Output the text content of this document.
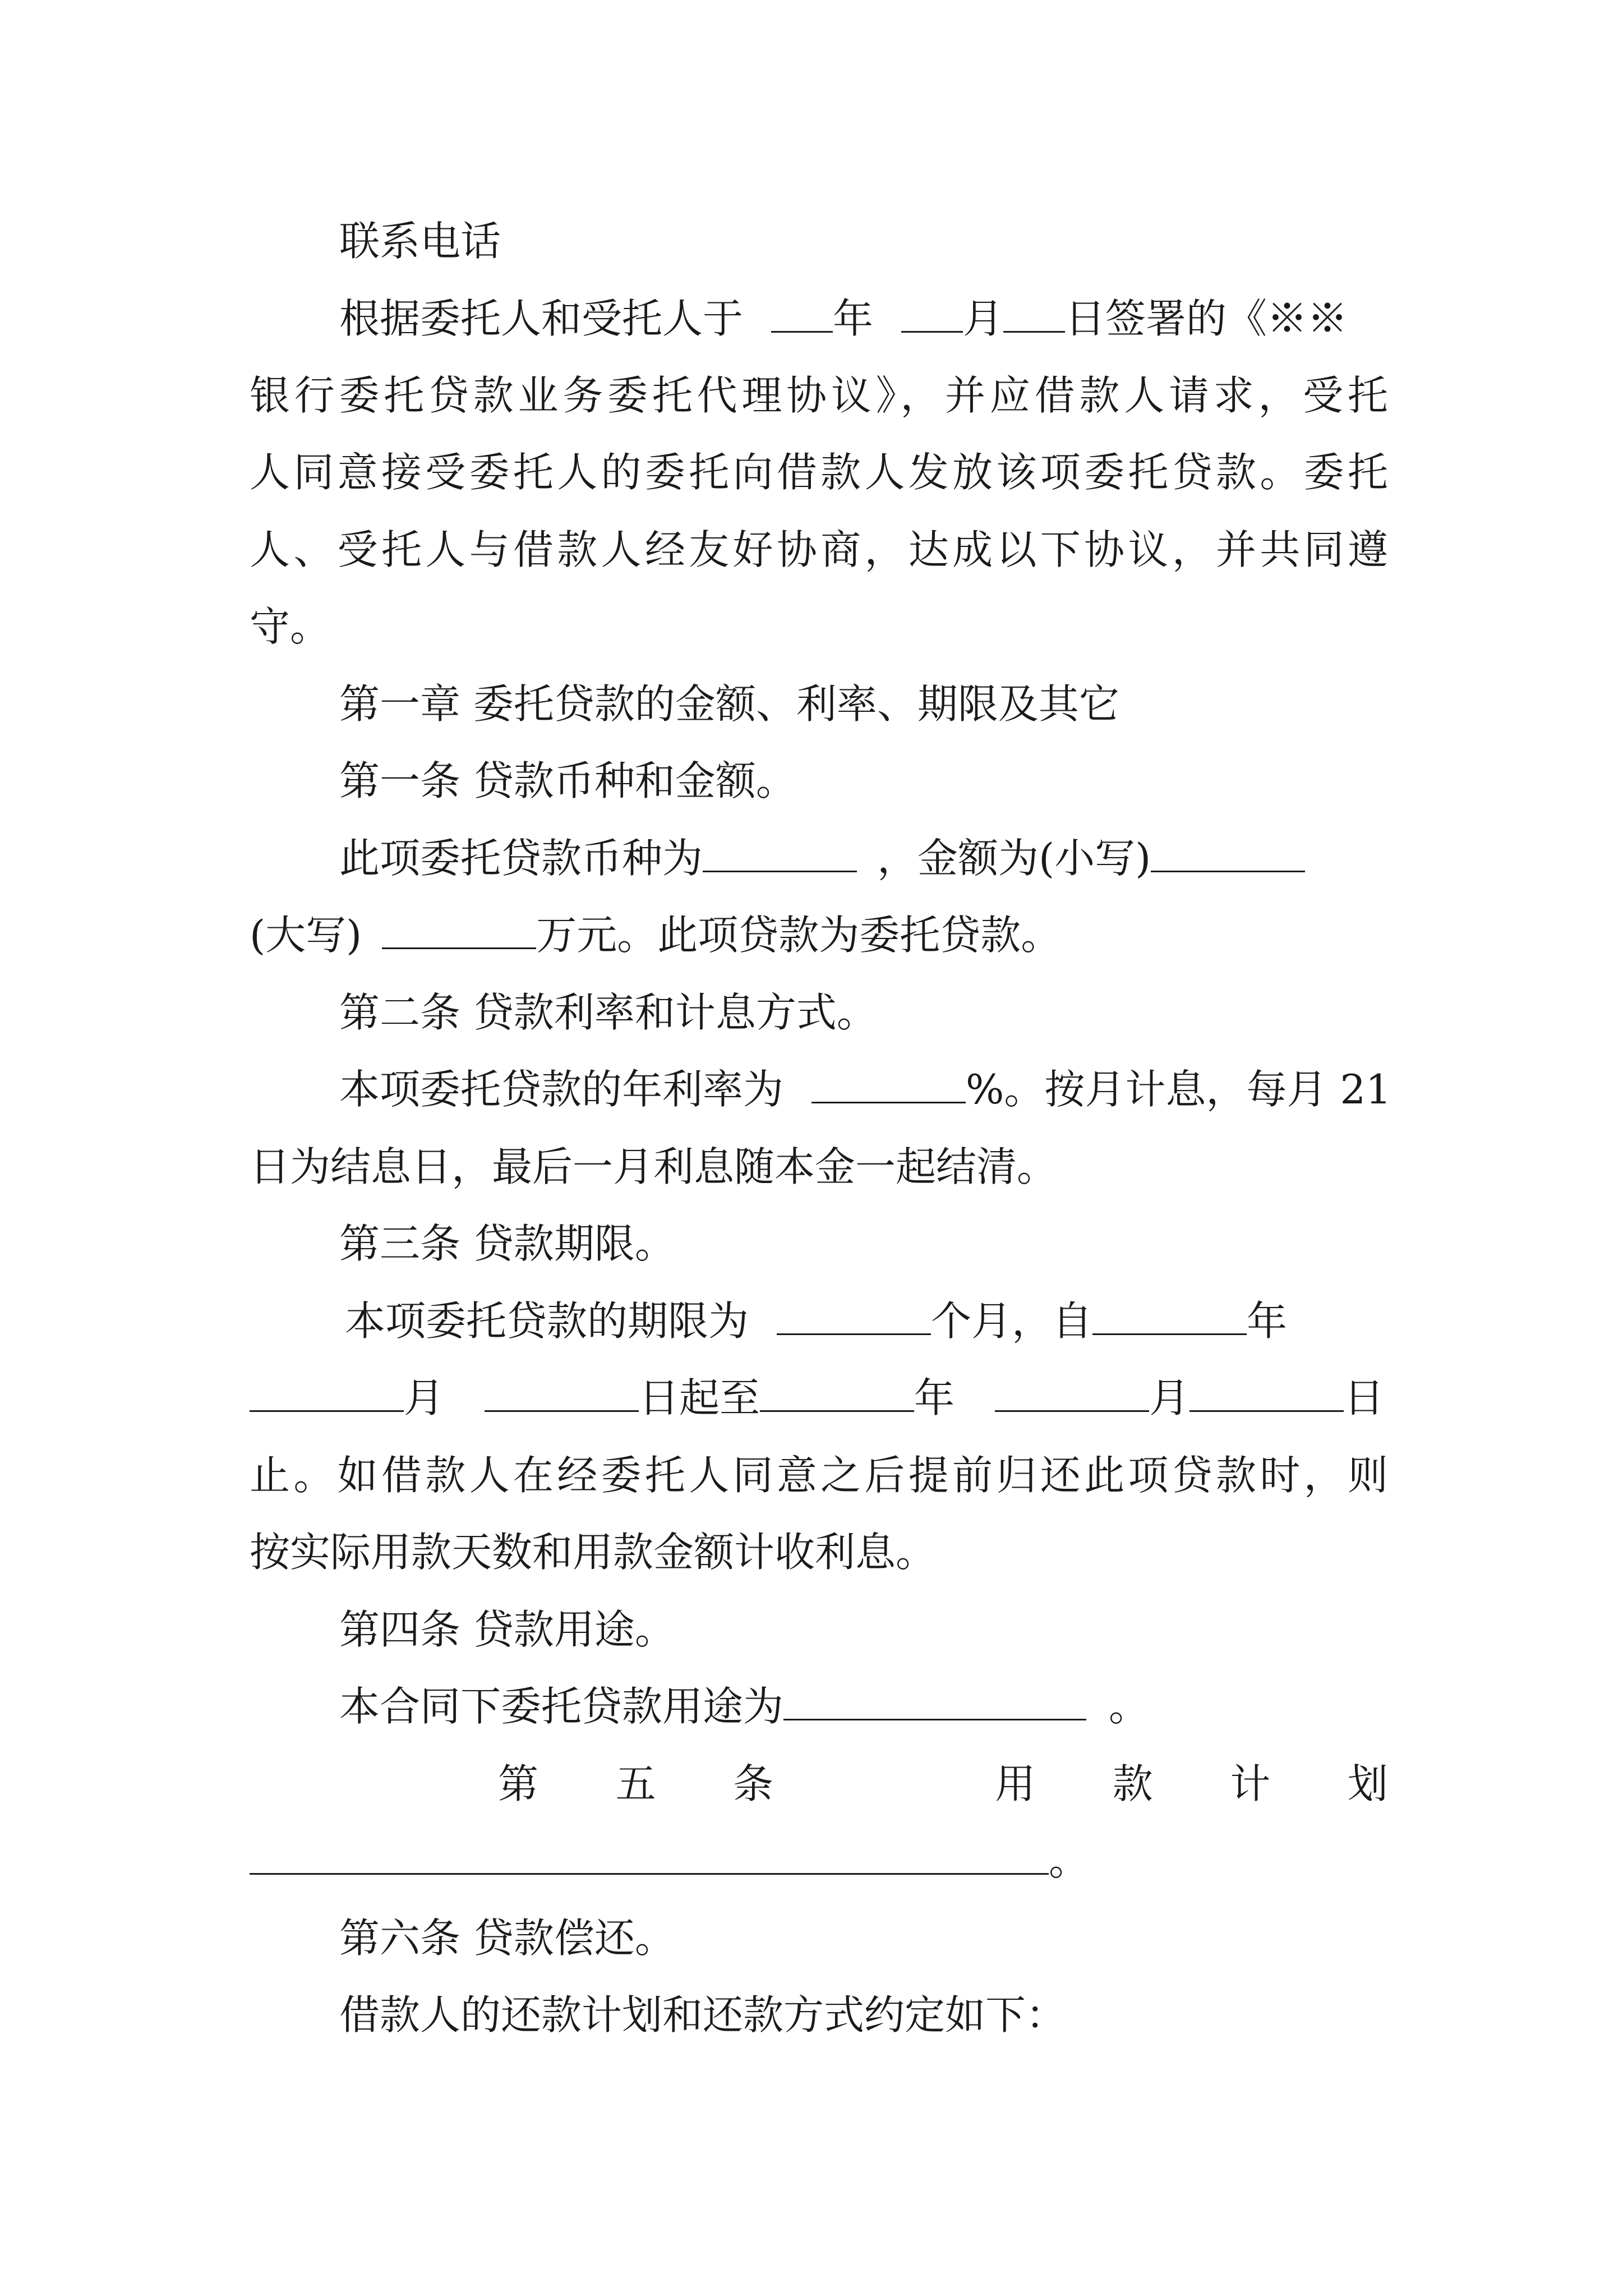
联系电话
根据委托人和受托人于 年 月 日签署的《※※
银行委托贷款业务委托代理协议》，并应借款人请求，受托
人同意接受委托人的委托向借款人发放该项委托贷款。委托
人、受托人与借款人经友好协商，达成以下协议，并共同遵
守。
第一章 委托贷款的金额、利率、期限及其它
第一条 贷款币种和金额。
此项委托贷款币种为	，金额为(小写)
(大写)	万元。此项贷款为委托贷款。
第二条 贷款利率和计息方式。
本项委托贷款的年利率为	%。按月计息，每月 21
日为结息日，最后一月利息随本金一起结清。
第三条 贷款期限。
本项委托贷款的期限为	个月，自	年
月	日起至	年	月	日
止。如借款人在经委托人同意之后提前归还此项贷款时，则
按实际用款天数和用款金额计收利息。
第四条 贷款用途。
本合同下委托贷款用途为	。
第 五 条	用 款 计 划
。
第六条 贷款偿还。
借款人的还款计划和还款方式约定如下：
